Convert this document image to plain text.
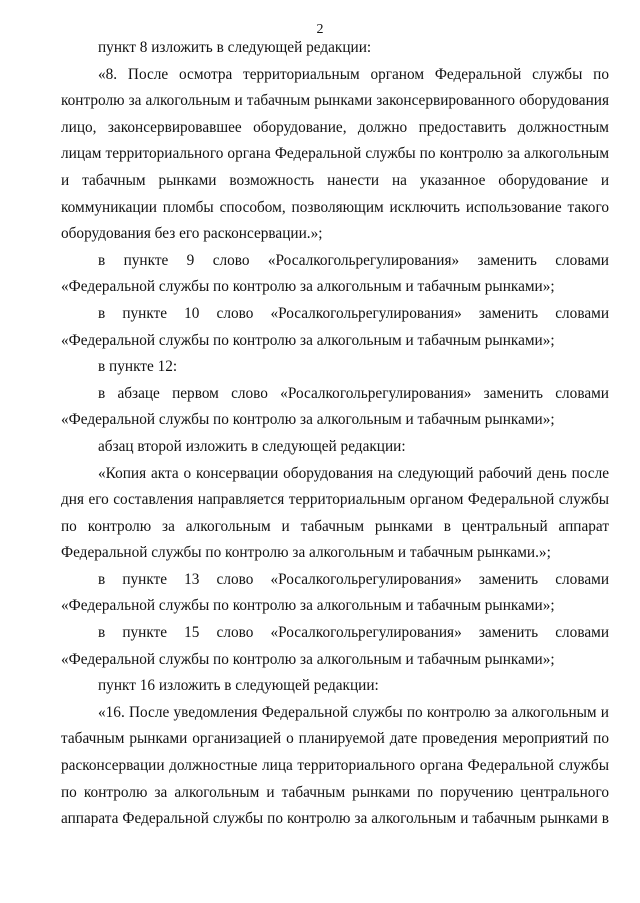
2

пункт 8 изложить в следующей редакции:

«8. После осмотра территориальным органом Федеральной службы по контролю за алкогольным и табачным рынками законсервированного оборудования лицо, законсервировавшее оборудование, должно предоставить должностным лицам территориального органа Федеральной службы по контролю за алкогольным и табачным рынками возможность нанести на указанное оборудование и коммуникации пломбы способом, позволяющим исключить использование такого оборудования без его расконсервации.»;

в пункте 9 слово «Росалкогольрегулирования» заменить словами «Федеральной службы по контролю за алкогольным и табачным рынками»;

в пункте 10 слово «Росалкогольрегулирования» заменить словами «Федеральной службы по контролю за алкогольным и табачным рынками»;

в пункте 12:

в абзаце первом слово «Росалкогольрегулирования» заменить словами «Федеральной службы по контролю за алкогольным и табачным рынками»;

абзац второй изложить в следующей редакции:

«Копия акта о консервации оборудования на следующий рабочий день после дня его составления направляется территориальным органом Федеральной службы по контролю за алкогольным и табачным рынками в центральный аппарат Федеральной службы по контролю за алкогольным и табачным рынками.»;

в пункте 13 слово «Росалкогольрегулирования» заменить словами «Федеральной службы по контролю за алкогольным и табачным рынками»;

в пункте 15 слово «Росалкогольрегулирования» заменить словами «Федеральной службы по контролю за алкогольным и табачным рынками»;

пункт 16 изложить в следующей редакции:

«16. После уведомления Федеральной службы по контролю за алкогольным и табачным рынками организацией о планируемой дате проведения мероприятий по расконсервации должностные лица территориального органа Федеральной службы по контролю за алкогольным и табачным рынками по поручению центрального аппарата Федеральной службы по контролю за алкогольным и табачным рынками в
